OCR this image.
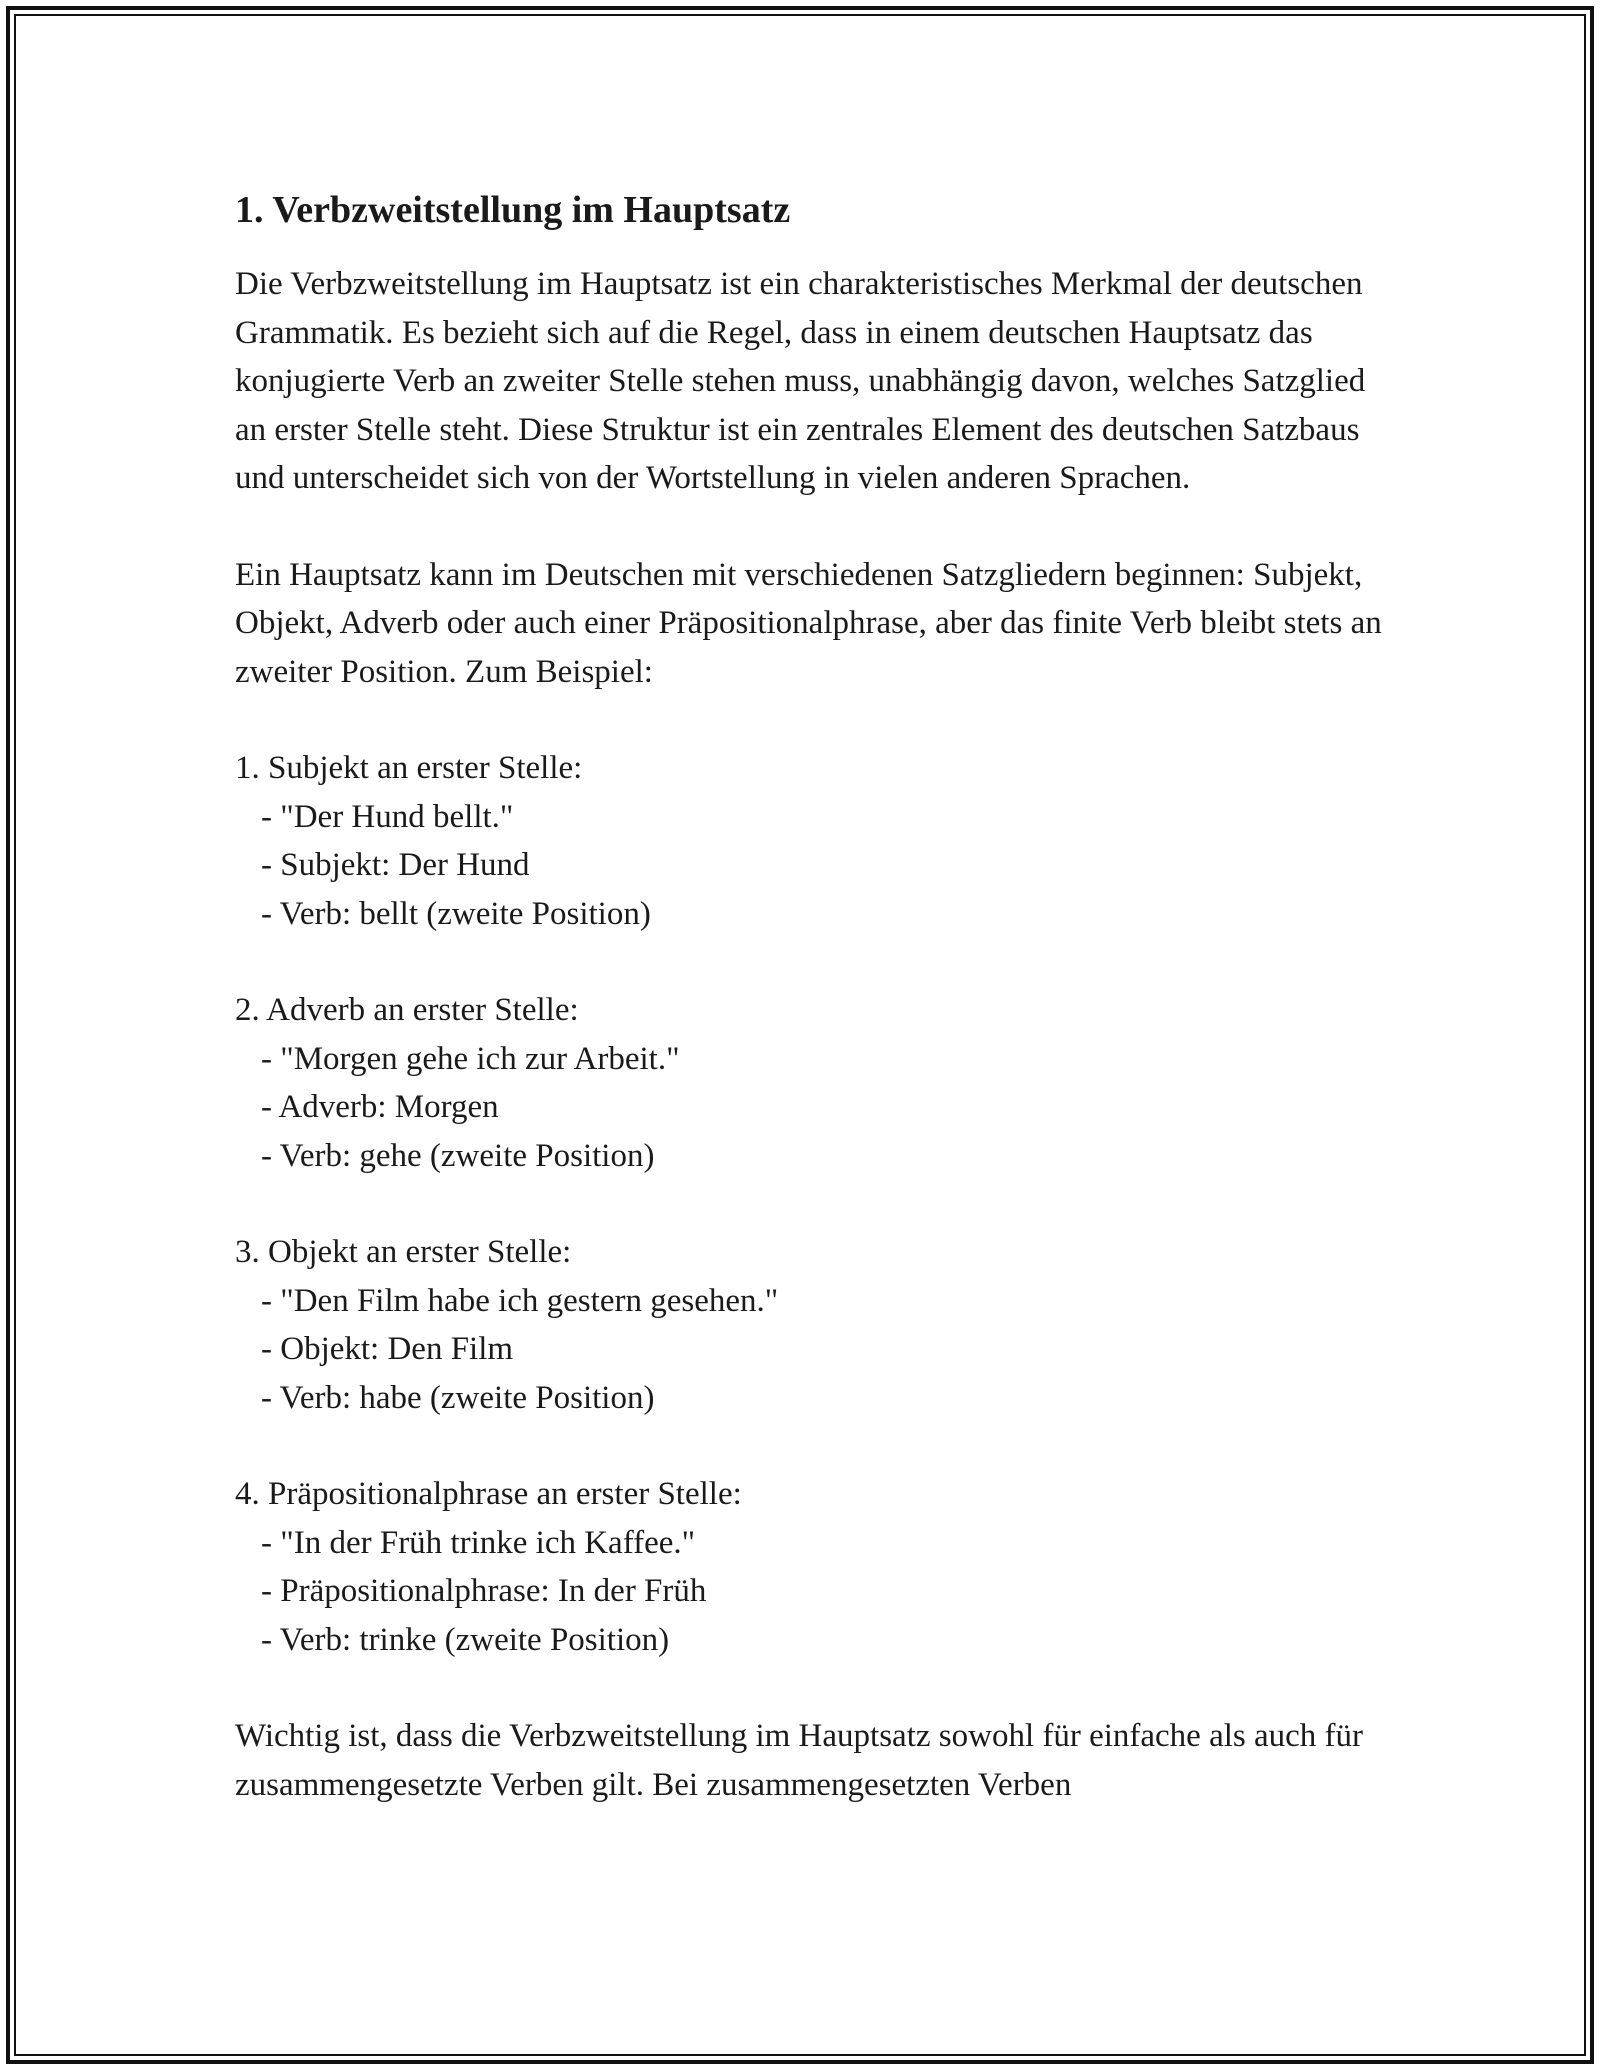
1. Verbzweitstellung im Hauptsatz

Die Verbzweitstellung im Hauptsatz ist ein charakteristisches Merkmal der deutschen Grammatik. Es bezieht sich auf die Regel, dass in einem deutschen Hauptsatz das konjugierte Verb an zweiter Stelle stehen muss, unabhängig davon, welches Satzglied an erster Stelle steht. Diese Struktur ist ein zentrales Element des deutschen Satzbaus und unterscheidet sich von der Wortstellung in vielen anderen Sprachen.

Ein Hauptsatz kann im Deutschen mit verschiedenen Satzgliedern beginnen: Subjekt, Objekt, Adverb oder auch einer Präpositionalphrase, aber das finite Verb bleibt stets an zweiter Position. Zum Beispiel:

1. Subjekt an erster Stelle:
- "Der Hund bellt."
- Subjekt: Der Hund
- Verb: bellt (zweite Position)
2. Adverb an erster Stelle:
- "Morgen gehe ich zur Arbeit."
- Adverb: Morgen
- Verb: gehe (zweite Position)
3. Objekt an erster Stelle:
- "Den Film habe ich gestern gesehen."
- Objekt: Den Film
- Verb: habe (zweite Position)
4. Präpositionalphrase an erster Stelle:
- "In der Früh trinke ich Kaffee."
- Präpositionalphrase: In der Früh
- Verb: trinke (zweite Position)

Wichtig ist, dass die Verbzweitstellung im Hauptsatz sowohl für einfache als auch für zusammengesetzte Verben gilt. Bei zusammengesetzten Verben
